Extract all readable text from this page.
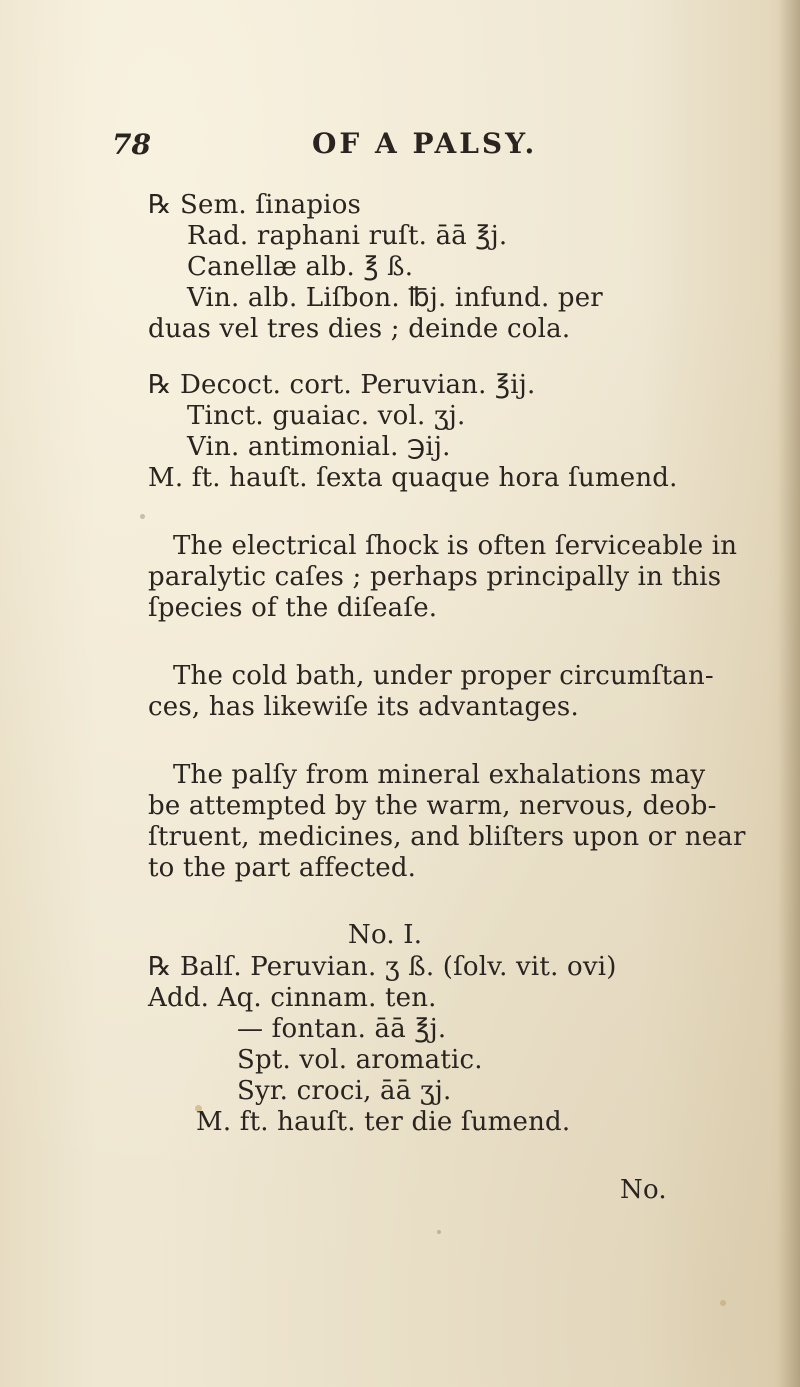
78	OF A PALSY.
℞ Sem. ſinapios
Rad. raphani ruſt. āā ℥j.
Canellæ alb. ℥ ß.
Vin. alb. Liſbon. ℔j. infund. per
duas vel tres dies ; deinde cola.
℞ Decoct. cort. Peruvian. ℥ij.
Tinct. guaiac. vol. ʒj.
Vin. antimonial. ℈ij.
M. ft. hauſt. ſexta quaque hora ſumend.
The electrical ſhock is often ſerviceable in
paralytic caſes ; perhaps principally in this
ſpecies of the diſeaſe.
The cold bath, under proper circumſtan-
ces, has likewiſe its advantages.
The palſy from mineral exhalations may
be attempted by the warm, nervous, deob-
ſtruent, medicines, and bliſters upon or near
to the part affected.
No. I.
℞ Balſ. Peruvian. ʒ ß. (ſolv. vit. ovi)
Add. Aq. cinnam. ten.
— fontan. āā ℥j.
Spt. vol. aromatic.
Syr. croci, āā ʒj.
M. ft. hauſt. ter die ſumend.
No.
